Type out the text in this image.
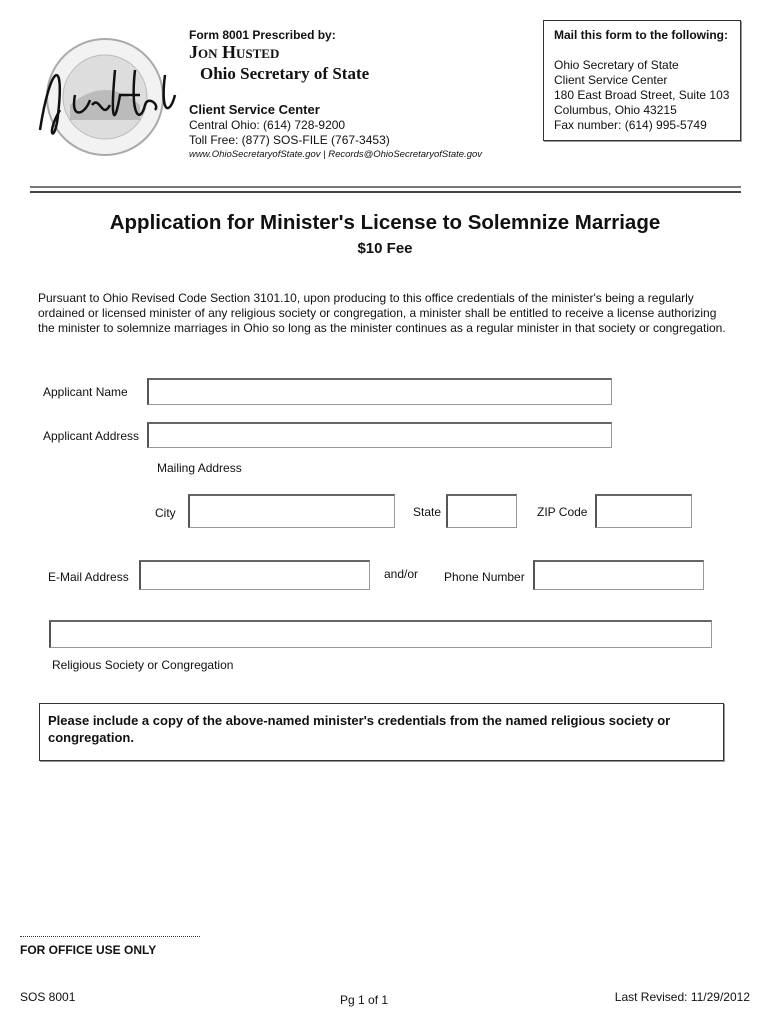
Form 8001 Prescribed by:
Jon Husted
Ohio Secretary of State
Client Service Center
Central Ohio: (614) 728-9200
Toll Free: (877) SOS-FILE (767-3453)
www.OhioSecretaryofState.gov | Records@OhioSecretaryofState.gov
Mail this form to the following:
Ohio Secretary of State
Client Service Center
180 East Broad Street, Suite 103
Columbus, Ohio 43215
Fax number: (614) 995-5749
Application for Minister's License to Solemnize Marriage
$10 Fee
Pursuant to Ohio Revised Code Section 3101.10, upon producing to this office credentials of the minister's being a regularly ordained or licensed minister of any religious society or congregation, a minister shall be entitled to receive a license authorizing the minister to solemnize marriages in Ohio so long as the minister continues as a regular minister in that society or congregation.
Applicant Name
Applicant Address
Mailing Address
City	State	ZIP Code
E-Mail Address	and/or Phone Number
Religious Society or Congregation
Please include a copy of the above-named minister's credentials from the named religious society or congregation.
FOR OFFICE USE ONLY
SOS 8001	Pg 1 of 1	Last Revised: 11/29/2012
